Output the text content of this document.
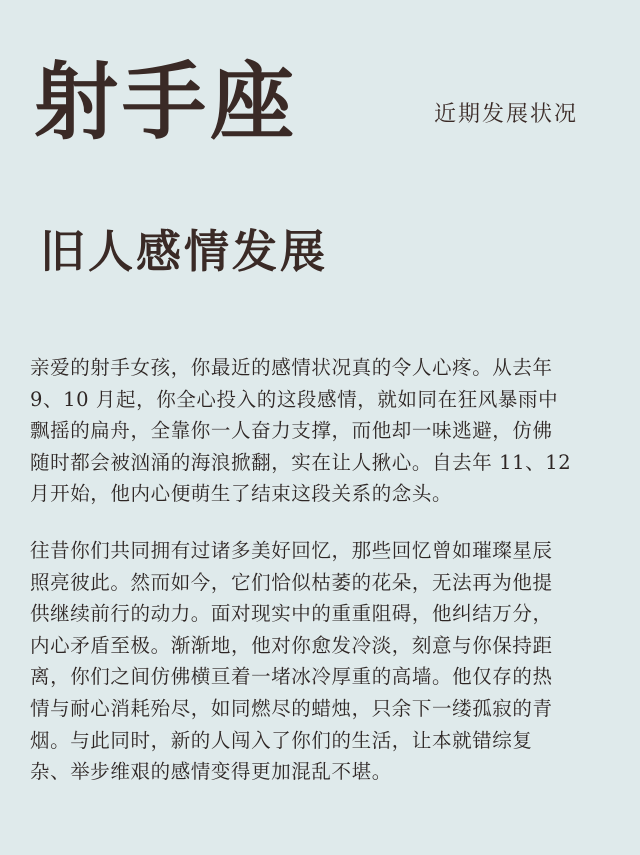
射手座	近期发展状况
旧人感情发展

亲爱的射手女孩，你最近的感情状况真的令人心疼。从去年
9、10 月起，你全心投入的这段感情，就如同在狂风暴雨中
飘摇的扁舟，全靠你一人奋力支撑，而他却一味逃避，仿佛
随时都会被汹涌的海浪掀翻，实在让人揪心。自去年 11、12
月开始，他内心便萌生了结束这段关系的念头。

往昔你们共同拥有过诸多美好回忆，那些回忆曾如璀璨星辰
照亮彼此。然而如今，它们恰似枯萎的花朵，无法再为他提
供继续前行的动力。面对现实中的重重阻碍，他纠结万分，
内心矛盾至极。渐渐地，他对你愈发冷淡，刻意与你保持距
离，你们之间仿佛横亘着一堵冰冷厚重的高墙。他仅存的热
情与耐心消耗殆尽，如同燃尽的蜡烛，只余下一缕孤寂的青
烟。与此同时，新的人闯入了你们的生活，让本就错综复
杂、举步维艰的感情变得更加混乱不堪。
